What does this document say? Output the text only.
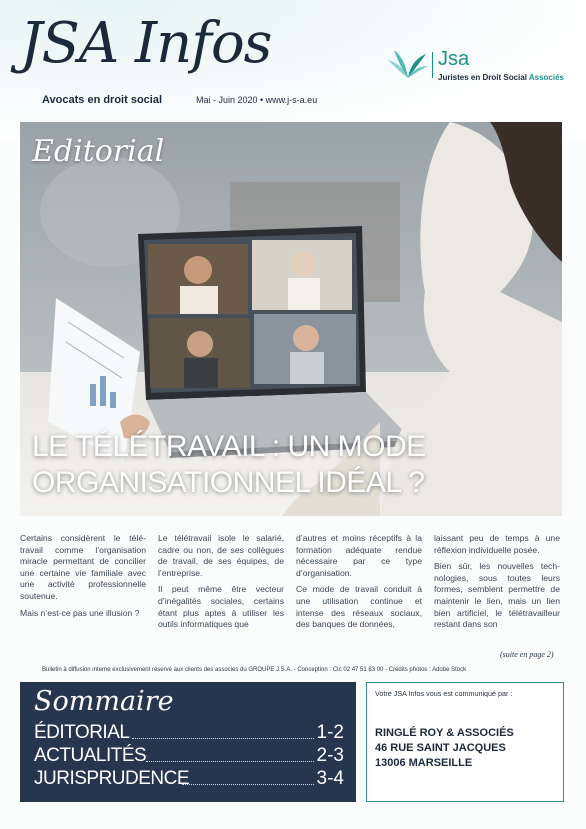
JSA Infos
Avocats en droit social	Mai - Juin 2020 • www.j-s-a.eu
Jsa
Juristes en Droit Social Associés
Editorial
LE TÉLÉTRAVAIL : UN MODE
ORGANISATIONNEL IDÉAL ?

Certains considèrent le télétravail comme l’organisation miracle permettant de concilier une certaine vie familiale avec une activité professionnelle soutenue.

Mais n’est-ce pas une illusion ?

Le télétravail isole le salarié, cadre ou non, de ses collègues de travail, de ses équipes, de l’entreprise.

Il peut même être vecteur d’inégalités sociales, certains étant plus aptes à utiliser les outils informatiques que

d’autres et moins réceptifs à la formation adéquate rendue nécessaire par ce type d’organisation.

Ce mode de travail conduit à une utilisation continue et intense des réseaux sociaux, des banques de données,

laissant peu de temps à une réflexion individuelle posée.

Bien sûr, les nouvelles technologies, sous toutes leurs formes, semblent permettre de maintenir le lien, mais un lien bien artificiel, le télétravailleur restant dans son

(suite en page 2)
Bulletin à diffusion interne exclusivement réservé aux clients des associés du GROUPE J.S.A. - Conception : Ctc 02 47 51 83 00 - Crédits photos : Adobe Stock
Sommaire
ÉDITORIAL	1-2
ACTUALITÉS	2-3
JURISPRUDENCE	3-4
Votre JSA Infos vous est communiqué par :
RINGLÉ ROY & ASSOCIÉS
46 RUE SAINT JACQUES
13006 MARSEILLE
